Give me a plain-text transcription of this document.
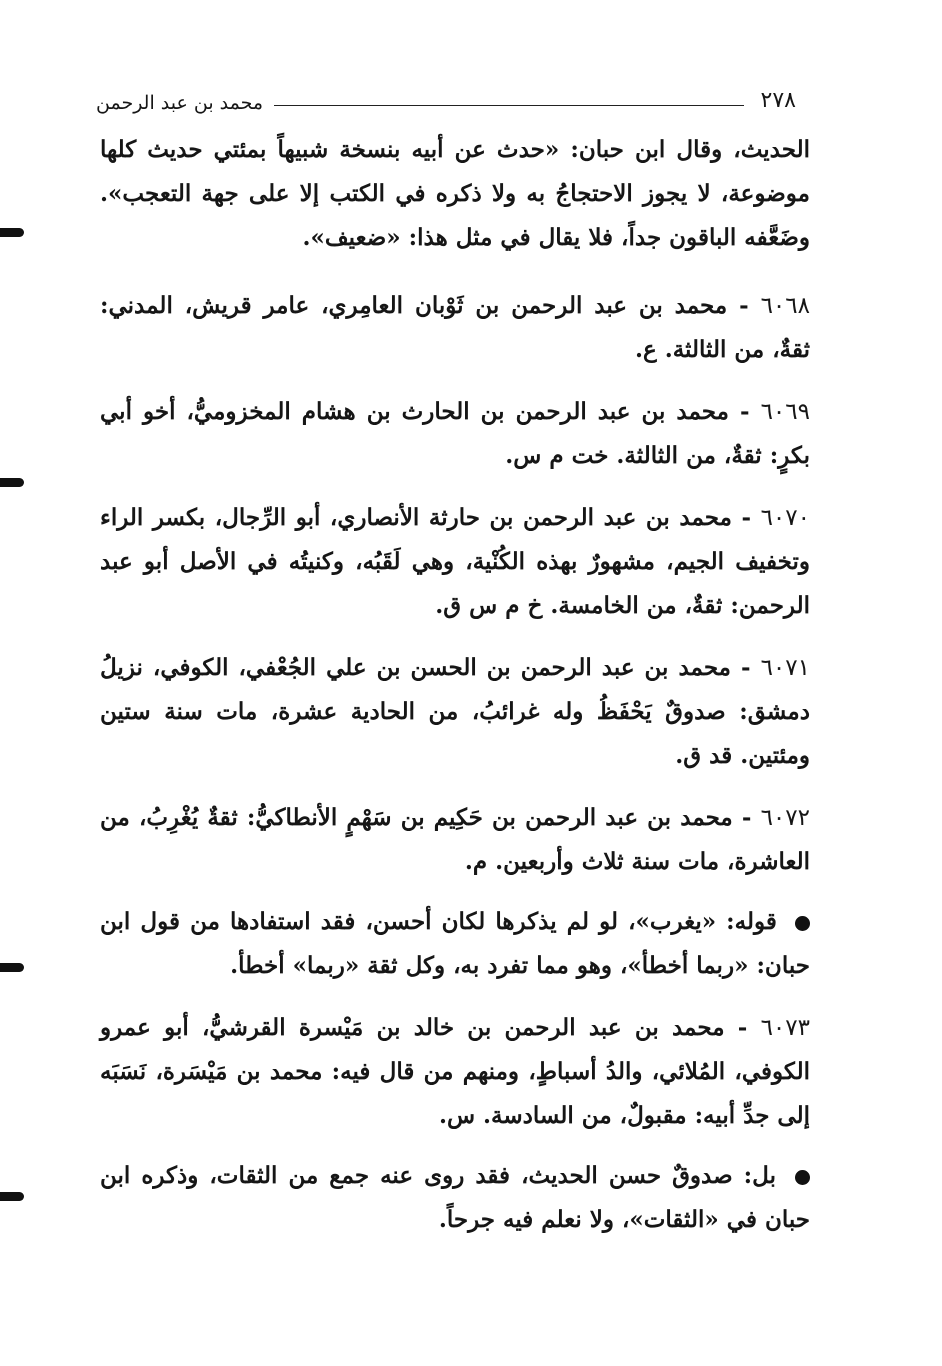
محمد بن عبد الرحمن	٢٧٨

الحديث، وقال ابن حبان: «حدث عن أبيه بنسخة شبيهاً بمئتي حديث كلها موضوعة، لا يجوز الاحتجاجُ به ولا ذكره في الكتب إلا على جهة التعجب». وضَعَّفه الباقون جداً، فلا يقال في مثل هذا: «ضعيف».

٦٠٦٨ - محمد بن عبد الرحمن بن ثَوْبان العامِري، عامر قريش، المدني: ثقةٌ، من الثالثة. ع.

٦٠٦٩ - محمد بن عبد الرحمن بن الحارث بن هشام المخزوميُّ، أخو أبي بكرٍ: ثقةٌ، من الثالثة. خت م س.

٦٠٧٠ - محمد بن عبد الرحمن بن حارثة الأنصاري، أبو الرِّجال، بكسر الراء وتخفيف الجيم، مشهورٌ بهذه الكُنْية، وهي لَقَبُه، وكنيتُه في الأصل أبو عبد الرحمن: ثقةٌ، من الخامسة. خ م س ق.

٦٠٧١ - محمد بن عبد الرحمن بن الحسن بن علي الجُعْفي، الكوفي، نزيلُ دمشق: صدوقٌ يَحْفَظُ وله غرائبُ، من الحادية عشرة، مات سنة ستين ومئتين. قد ق.

٦٠٧٢ - محمد بن عبد الرحمن بن حَكِيم بن سَهْمٍ الأنطاكيُّ: ثقةٌ يُغْرِبُ، من العاشرة، مات سنة ثلاث وأربعين. م.

قوله: «يغرب»، لو لم يذكرها لكان أحسن، فقد استفادها من قول ابن حبان: «ربما أخطأ»، وهو مما تفرد به، وكل ثقة «ربما» أخطأ.

٦٠٧٣ - محمد بن عبد الرحمن بن خالد بن مَيْسرة القرشيُّ، أبو عمرو الكوفي، المُلائي، والدُ أسباطٍ، ومنهم من قال فيه: محمد بن مَيْسَرة، نَسَبَه إلى جدِّ أبيه: مقبولٌ، من السادسة. س.

بل: صدوقٌ حسن الحديث، فقد روى عنه جمع من الثقات، وذكره ابن حبان في «الثقات»، ولا نعلم فيه جرحاً.
